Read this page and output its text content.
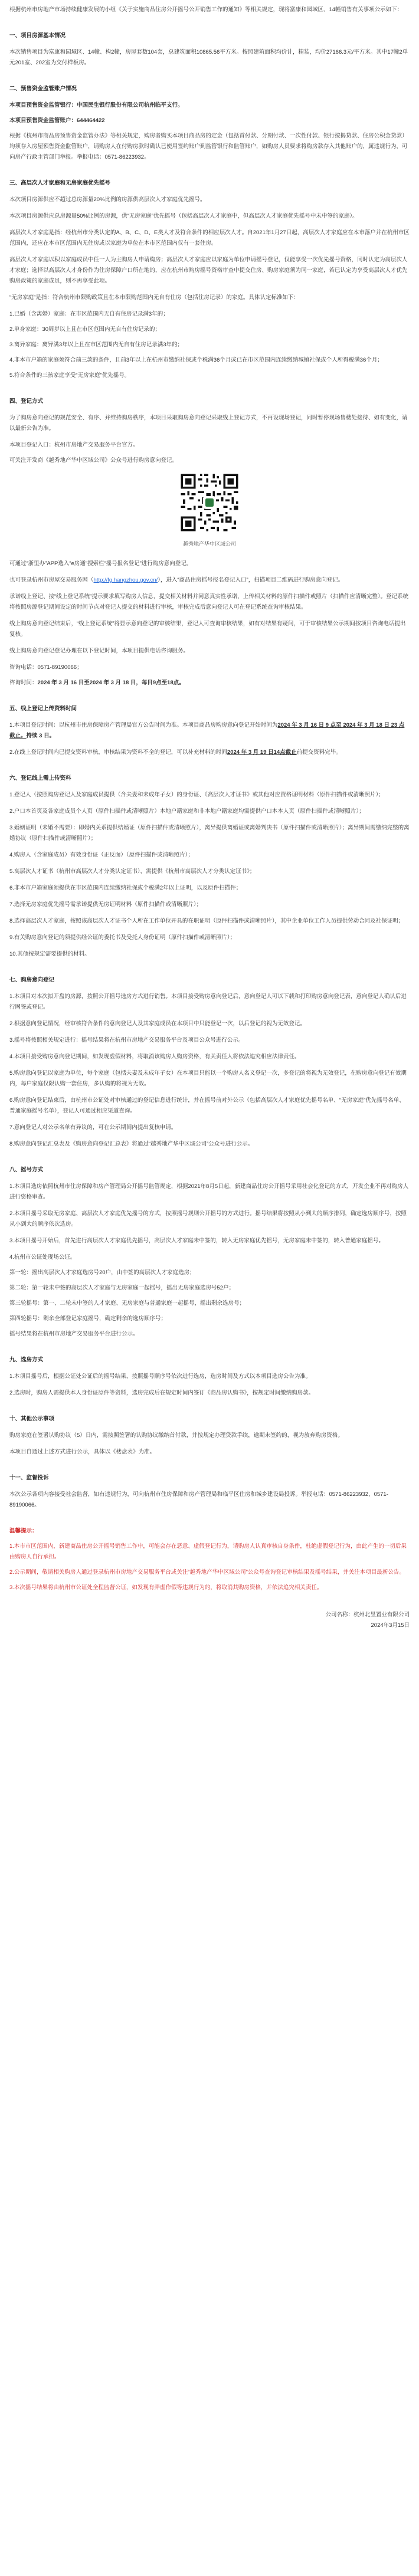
根据杭州市房地产市场持续健康发展的小组《关于实施商品住房公开摇号公开销售工作的通知》等相关规定，现将富康和园域区、14幢销售有关事项公示如下：

一、项目房源基本情况

本次销售项目为富康和园域区、14幢、构2幢，房屋套数104套，总建筑面积10865.56平方米。按照建筑面积均价计，精装，均价27166.3元/平方米。其中17幢2单元201室、202室为交付样板房。

二、预售资金监管账户情况

本项目预售资金监管银行：中国民生银行股份有限公司杭州临平支行。

本项目预售资金监管账户：644464422

根据《杭州市商品房预售资金监管办法》等相关规定，购房者购买本项目商品房的定金（包括首付款、分期付款、一次性付款、银行按揭贷款、住房公积金贷款）均须存入房屋预售资金监管账户，请购房人在付购房款时确认已使用签约账户到监管银行和监管账户，如购房人员要求将购房款存入其他账户的，属违规行为，可向房产行政主管部门举报。举报电话：0571-86223932。

三、高层次人才家庭和无房家庭优先摇号

本次项目房源供应不超过总房源量20%比例的房源供高层次人才家庭优先摇号。

本次项目房源供应总房源量50%比例的房源，供“无房家庭”优先摇号（包括高层次人才家庭中，但高层次人才家庭优先摇号中未中签的家庭）。

高层次人才家庭是指：经杭州市分类认定的A、B、C、D、E类人才及符合条件的相应层次人才。自2021年1月27日起，高层次人才家庭应在本市落户并在杭州市区范围内，还应在本市区范围内无住房或以家庭为单位在本市区范围内仅有一套住房。

高层次人才家庭以积以家庭成员中任一人为主购房人申请购房；高层次人才家庭应以家庭为单位申请摇号登记，仅能享受一次优先摇号资格，同时认定为高层次人才家庭；选择以高层次人才身份作为住房保障户口所在地的，应在杭州市购房摇号资格审查中提交住房、购房家庭须为同一家庭，若已认定为享受高层次人才优先购房政策的家庭成员，则不再享受此项。

“无房家庭”是指：符合杭州市限购政策且在本市限购范围内无自有住房（包括住房记录）的家庭。具体认定标准如下：

1.已婚（含离婚）家庭：在市区范围内无自有住房记录满3年的；

2.单身家庭：30周岁以上且在市区范围内无自有住房记录的；

3.离异家庭：离异满3年以上且在市区范围内无自有住房记录满3年的；

4.非本市户籍的家庭须符合前三款的条件，且前3年以上在杭州市缴纳社保或个税满36个月或已在市区范围内连续缴纳城镇社保或个人所得税满36个月；

5.符合条件的三孩家庭享受“无房家庭”优先摇号。

四、登记方式

为了购房意向登记的规范安全、有序、并维持购房秩序，本项目采取购房意向登记采取线上登记方式，不再设现场登记，同时暂停现场售楼处接待、如有变化，请以最新公告为准。

本项目登记入口：杭州市房地产交易服务平台官方。

可关注开发商《越秀地产华中区域公司》公众号进行购房意向登记。

越秀地产华中区域公司

可通过“浙里办”APP选入“e房通”搜索栏“摇号报名登记”进行购房意向登记。

也可登录杭州市房屋交易服务网（http://fg.hangzhou.gov.cn/），进入“商品住房摇号报名登记入口”，扫描项目二维码进行购房意向登记。

承诺线上登记、按“线上登记系统”提示要求填写购房人信息，提交相关材料并同意真实性承诺，上传相关材料的原件扫描件或照片（扫描件应清晰完整）。登记系统将按照房源登记期间设定的时间节点对登记人提交的材料进行审核，审核完成后意向登记人可在登记系统查询审核结果。

线上购房意向登记结束后，“线上登记系统”将显示意向登记的审核结果，登记人可查询审核结果，如有对结果有疑问，可于审核结果公示期间按项目咨询电话提出复核。

线上购房意向登记登记办理在以下登记时间，本项目提供电话咨询服务。

咨询电话：0571-89190066；

咨询时间：2024 年 3 月 16 日至2024 年 3 月 18 日，每日9点至18点。

五、线上登记上传资料时间

1.本项目登记时间：以杭州市住房保障房产管理局官方公告时间为准。本项目商品房购房意向登记开始时间为2024 年 3 月 16 日 9 点至 2024 年 3 月 18 日 23 点截止。持续 3 日。

2.在线上登记时间内已提交资料审核，审核结果为资料不全的登记，可以补充材料的时间2024 年 3 月 19 日14点截止前提交资料完毕。

六、登记线上需上传资料

1.登记人（按照购房登记人及家庭成员提供（含夫妻和未成年子女）的身份证、《高层次人才证书》或其他对应资格证明材料（原件扫描件或清晰照片）；

2.户口本首页及各家庭成员个人页（原件扫描件或清晰照片）本地户籍家庭和非本地户籍家庭均需提供户口本本人页（原件扫描件或清晰照片）；

3.婚姻证明（未婚不需要）：即婚内关系提供结婚证（原件扫描件或清晰照片），离异提供离婚证或离婚判决书（原件扫描件或清晰照片）；离异期间需缴纳完整的离婚协议（原件扫描件或清晰照片）；

4.购房人（含家庭成员）有效身份证（正反面）（原件扫描件或清晰照片）；

5.高层次人才证书（杭州市高层次人才分类认定证书），需提供《杭州市高层次人才分类认定证书》；

6.非本市户籍家庭须提供在市区范围内连续缴纳社保或个税满2年以上证明，以及原件扫描件；

7.选择无房家庭优先摇号需承诺提供无房证明材料（原件扫描件或清晰照片）；

8.选择高层次人才家庭，按照该高层次人才证书个人所在工作单位开具的在职证明（原件扫描件或清晰照片），其中企业单位工作人员提供劳动合同及社保证明；

9.有关购房意向登记的须提供经公证的委托书及受托人身份证明（原件扫描件或清晰照片）；

10.其他按规定需要提供的材料。

七、购房意向登记

1.本项目对本次拟开盘的房源，按照公开摇号选房方式进行销售。本项目接受购房意向登记后，意向登记人可以下载和打印购房意向登记表，意向登记人确认后进行网签或登记。

2.根据意向登记情况，经审核符合条件的意向登记人及其家庭成员在本项目中只能登记一次，以后登记的视为无效登记。

3.摇号将按照相关规定进行：摇号结果将在杭州市房地产交易服务平台及项目公众号进行公示。

4.本项目接受购房意向登记期间，如发现虚假材料，将取消该购房人购房资格，有关责任人将依法追究相应法律责任。

5.购房意向登记以家庭为单位，每个家庭（包括夫妻及未成年子女）在本项目只能以一个购房人名义登记一次，多登记的将视为无效登记，在购房意向登记有效期内，每户家庭仅限认购一套住房，多认购的将视为无效。

6.购房意向登记结束后，由杭州市公证处对审核通过的登记信息进行统计，并在摇号前对外公示（包括高层次人才家庭优先摇号名单、“无房家庭”优先摇号名单、普通家庭摇号名单），登记人可通过相应渠道查询。

7.意向登记人对公示名单有异议的，可在公示期间内提出复核申请。

8.购房意向登记汇总表及《购房意向登记汇总表》将通过“越秀地产华中区域公司”公众号进行公示。

八、摇号方式

1.本项目选房依照杭州市住房保障和房产管理局公开摇号监管规定，根据2021年8月5日起，新建商品住房公开摇号采用社会化登记的方式，开发企业不再对购房人进行资格审查。

2.本项目摇号采取无房家庭、高层次人才家庭优先摇号的方式，按照摇号规则公开摇号的方式进行。摇号结果将按照从小到大的顺序排列，确定选房顺序号，按照从小到大的顺序依次选房。

3.本项目摇号开始后，首先进行高层次人才家庭优先摇号，高层次人才家庭未中签的，转入无房家庭优先摇号，无房家庭未中签的，转入普通家庭摇号。

4.杭州市公证处现场公证。

第一轮：摇出高层次人才家庭选房号20户，由中签的高层次人才家庭选房；

第二轮：第一轮未中签的高层次人才家庭与无房家庭一起摇号，摇出无房家庭选房号52户；

第三轮摇号：第一、二轮未中签的人才家庭、无房家庭与普通家庭一起摇号，摇出剩余选房号；

第四轮摇号：剩余全部登记家庭摇号，确定剩余的选房顺序号；

摇号结果将在杭州市房地产交易服务平台进行公示。

九、选房方式

1.本项目摇号后，根据公证处公证后的摇号结果，按照摇号顺序号依次进行选房，选房时间及方式以本项目选房公告为准。

2.选房时，购房人需提供本人身份证原件等资料，选房完成后在规定时间内签订《商品房认购书》，按规定时间缴纳购房款。

十、其他公示事项

购房家庭在签署认购协议（5）日内，需按照签署的认购协议缴纳首付款，并按规定办理贷款手续，逾期未签约的，视为放弃购房资格。

本项目自通过上述方式进行公示，具体以《楼盘表》为准。

十一、监督投诉

本次公示各项内容接受社会监督，如有违规行为，可向杭州市住房保障和房产管理局和临平区住房和城乡建设局投诉。举报电话：0571-86223932，0571-89190066。

温馨提示：

1.本市市区范围内，新建商品住房公开摇号销售工作中，可能会存在恶意、虚假登记行为，请购房人认真审核自身条件，杜绝虚假登记行为，由此产生的一切后果由购房人自行承担。

2.公示期间，敬请相关购房人通过登录杭州市房地产交易服务平台或关注“越秀地产华中区域公司”公众号查询登记审核结果及摇号结果，并关注本项目最新公告。

3.本次摇号结果将由杭州市公证处全程监督公证，如发现有弄虚作假等违规行为的，将取消其购房资格，并依法追究相关责任。

公司名称：杭州北昱置业有限公司
2024年3月15日
